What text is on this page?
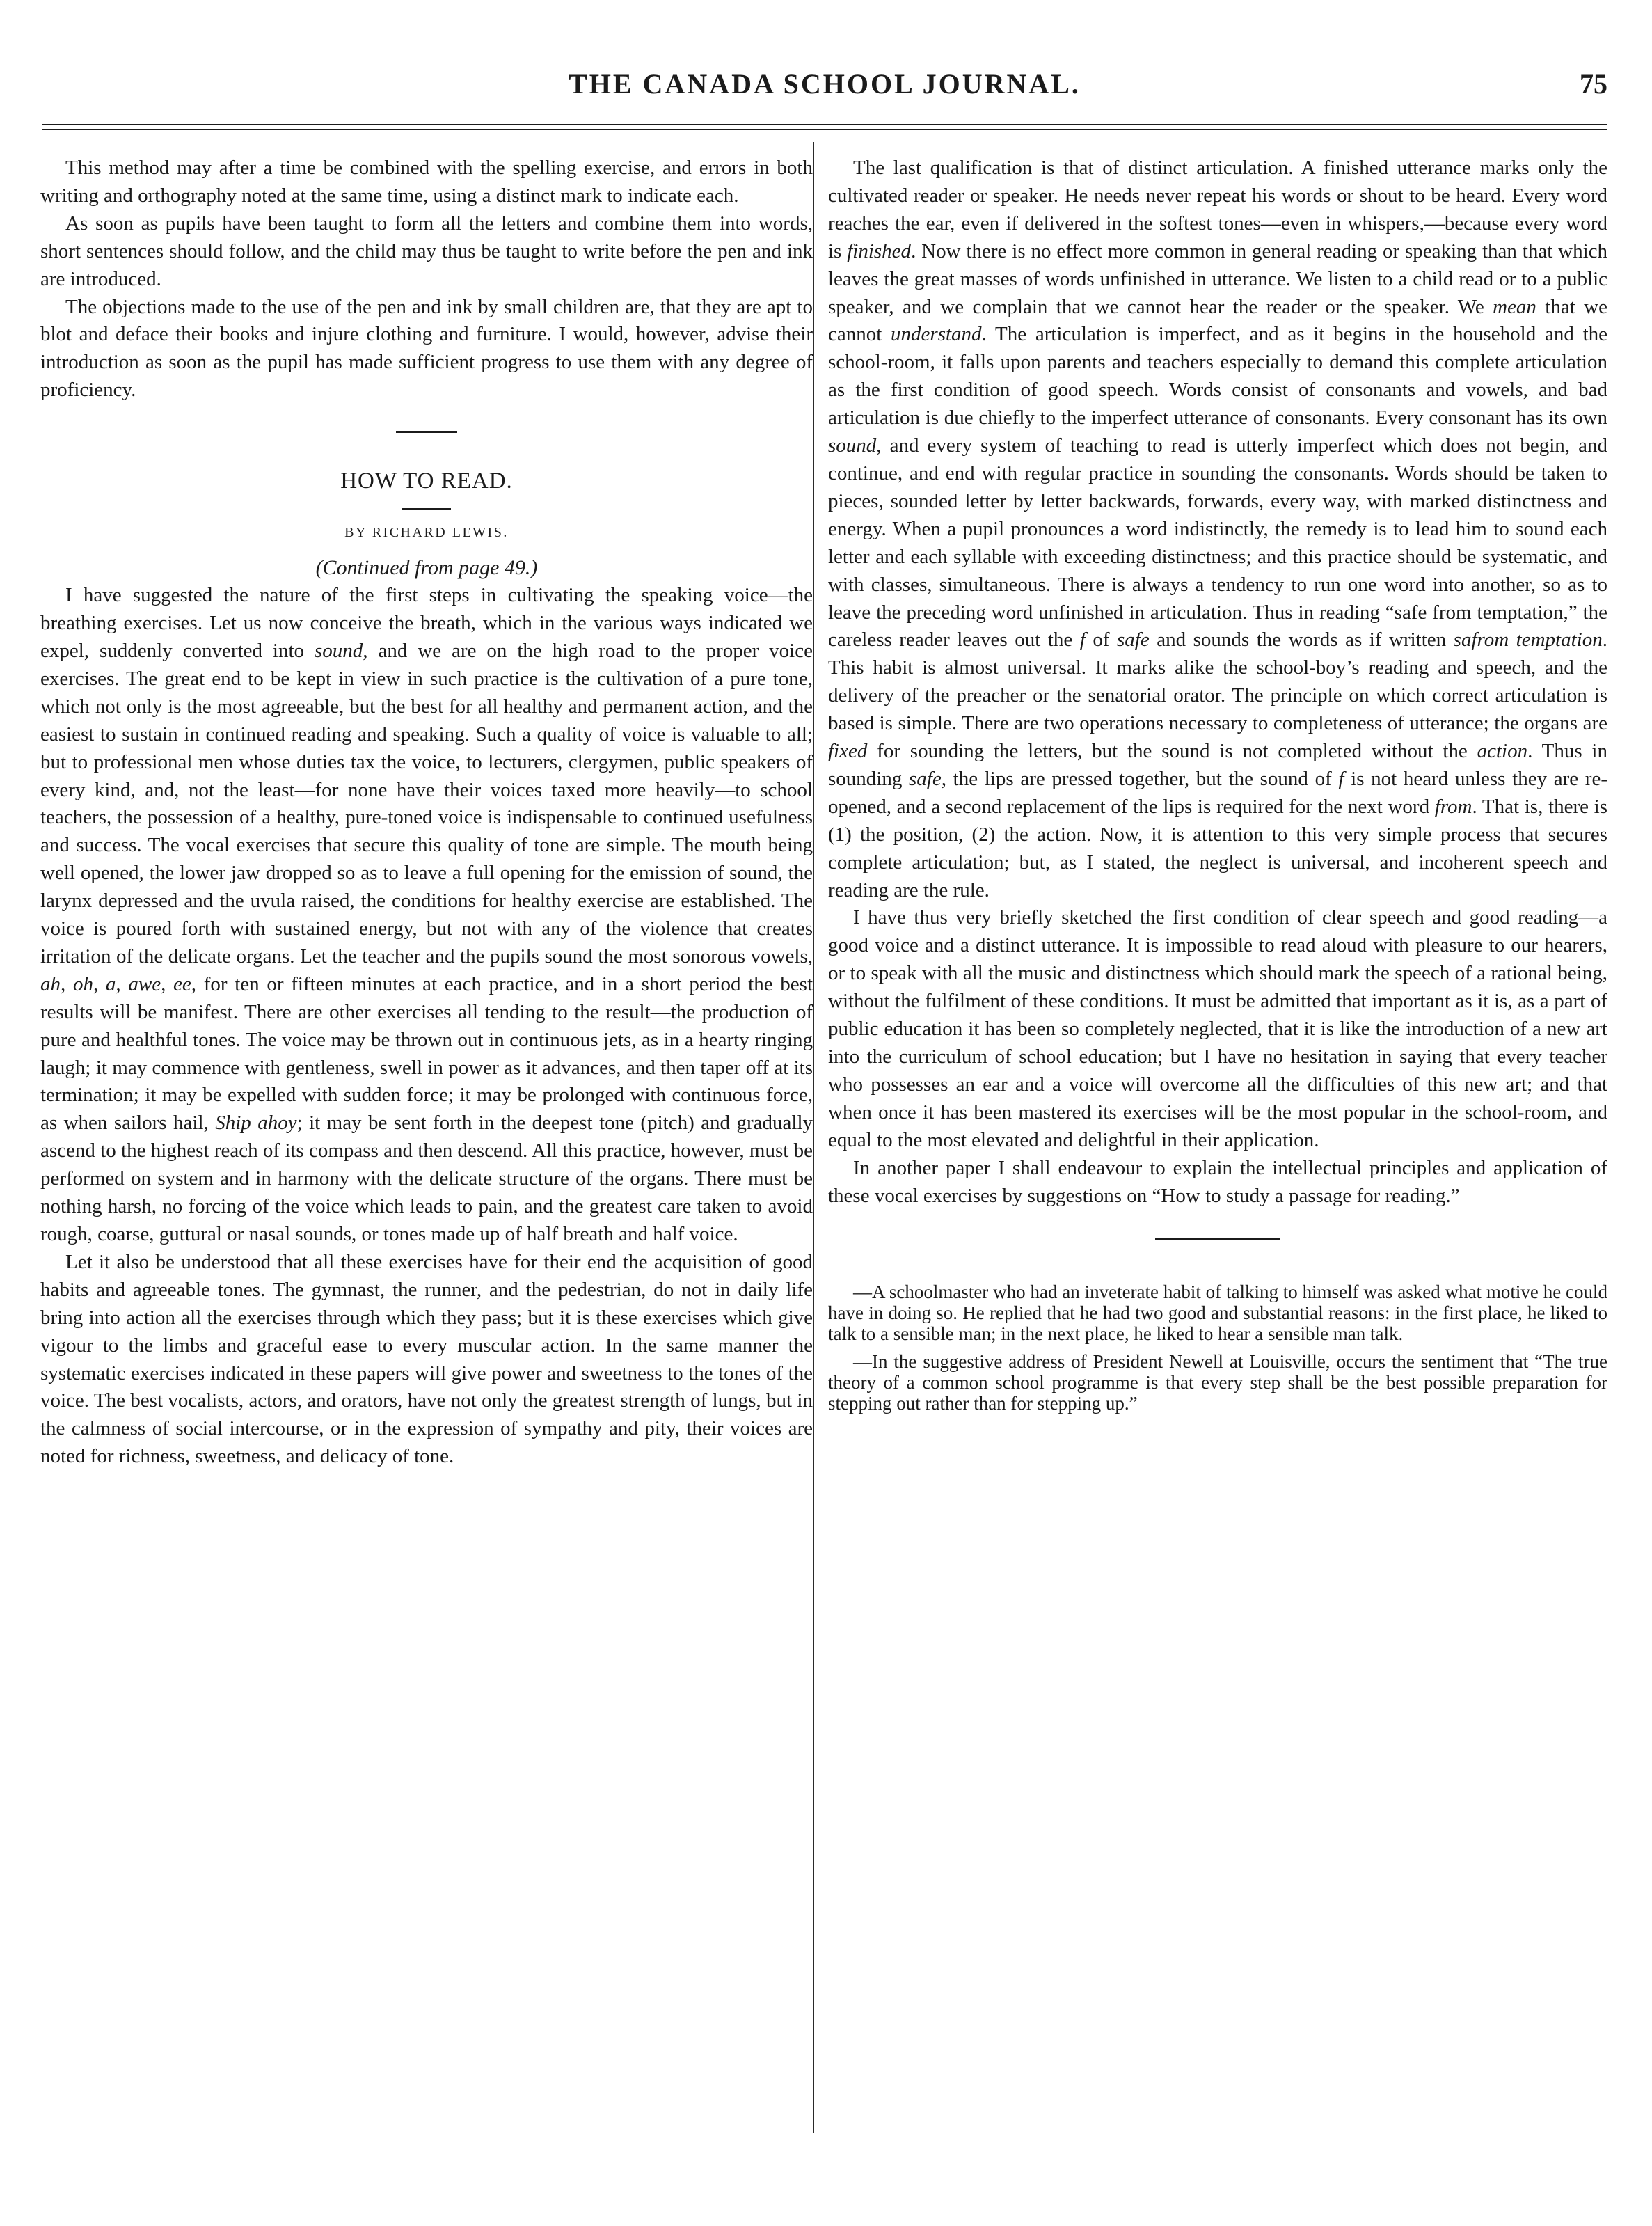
THE CANADA SCHOOL JOURNAL.	75

This method may after a time be combined with the spelling exercise, and errors in both writing and orthography noted at the same time, using a distinct mark to indicate each.

As soon as pupils have been taught to form all the letters and combine them into words, short sentences should follow, and the child may thus be taught to write before the pen and ink are introduced.

The objections made to the use of the pen and ink by small children are, that they are apt to blot and deface their books and injure clothing and furniture. I would, however, advise their introduction as soon as the pupil has made sufficient progress to use them with any degree of proficiency.

HOW TO READ.
BY RICHARD LEWIS.
(Continued from page 49.)

I have suggested the nature of the first steps in cultivating the speaking voice—the breathing exercises. Let us now conceive the breath, which in the various ways indicated we expel, suddenly converted into sound, and we are on the high road to the proper voice exercises. The great end to be kept in view in such practice is the cultivation of a pure tone, which not only is the most agreeable, but the best for all healthy and permanent action, and the easiest to sustain in continued reading and speaking. Such a quality of voice is valuable to all; but to professional men whose duties tax the voice, to lecturers, clergymen, public speakers of every kind, and, not the least—for none have their voices taxed more heavily—to school teachers, the possession of a healthy, pure-toned voice is indispensable to continued usefulness and success. The vocal exercises that secure this quality of tone are simple. The mouth being well opened, the lower jaw dropped so as to leave a full opening for the emission of sound, the larynx depressed and the uvula raised, the conditions for healthy exercise are established. The voice is poured forth with sustained energy, but not with any of the violence that creates irritation of the delicate organs. Let the teacher and the pupils sound the most sonorous vowels, ah, oh, a, awe, ee, for ten or fifteen minutes at each practice, and in a short period the best results will be manifest. There are other exercises all tending to the result—the production of pure and healthful tones. The voice may be thrown out in continuous jets, as in a hearty ringing laugh; it may commence with gentleness, swell in power as it advances, and then taper off at its termination; it may be expelled with sudden force; it may be prolonged with continuous force, as when sailors hail, Ship ahoy; it may be sent forth in the deepest tone (pitch) and gradually ascend to the highest reach of its compass and then descend. All this practice, however, must be performed on system and in harmony with the delicate structure of the organs. There must be nothing harsh, no forcing of the voice which leads to pain, and the greatest care taken to avoid rough, coarse, guttural or nasal sounds, or tones made up of half breath and half voice.

Let it also be understood that all these exercises have for their end the acquisition of good habits and agreeable tones. The gymnast, the runner, and the pedestrian, do not in daily life bring into action all the exercises through which they pass; but it is these exercises which give vigour to the limbs and graceful ease to every muscular action. In the same manner the systematic exercises indicated in these papers will give power and sweetness to the tones of the voice. The best vocalists, actors, and orators, have not only the greatest strength of lungs, but in the calmness of social intercourse, or in the expression of sympathy and pity, their voices are noted for richness, sweetness, and delicacy of tone.

The last qualification is that of distinct articulation. A finished utterance marks only the cultivated reader or speaker. He needs never repeat his words or shout to be heard. Every word reaches the ear, even if delivered in the softest tones—even in whispers,—because every word is finished. Now there is no effect more common in general reading or speaking than that which leaves the great masses of words unfinished in utterance. We listen to a child read or to a public speaker, and we complain that we cannot hear the reader or the speaker. We mean that we cannot understand. The articulation is imperfect, and as it begins in the household and the school-room, it falls upon parents and teachers especially to demand this complete articulation as the first condition of good speech. Words consist of consonants and vowels, and bad articulation is due chiefly to the imperfect utterance of consonants. Every consonant has its own sound, and every system of teaching to read is utterly imperfect which does not begin, and continue, and end with regular practice in sounding the consonants. Words should be taken to pieces, sounded letter by letter backwards, forwards, every way, with marked distinctness and energy. When a pupil pronounces a word indistinctly, the remedy is to lead him to sound each letter and each syllable with exceeding distinctness; and this practice should be systematic, and with classes, simultaneous. There is always a tendency to run one word into another, so as to leave the preceding word unfinished in articulation. Thus in reading “safe from temptation,” the careless reader leaves out the f of safe and sounds the words as if written safrom temptation. This habit is almost universal. It marks alike the school-boy’s reading and speech, and the delivery of the preacher or the senatorial orator. The principle on which correct articulation is based is simple. There are two operations necessary to completeness of utterance; the organs are fixed for sounding the letters, but the sound is not completed without the action. Thus in sounding safe, the lips are pressed together, but the sound of f is not heard unless they are re-opened, and a second replacement of the lips is required for the next word from. That is, there is (1) the position, (2) the action. Now, it is attention to this very simple process that secures complete articulation; but, as I stated, the neglect is universal, and incoherent speech and reading are the rule.

I have thus very briefly sketched the first condition of clear speech and good reading—a good voice and a distinct utterance. It is impossible to read aloud with pleasure to our hearers, or to speak with all the music and distinctness which should mark the speech of a rational being, without the fulfilment of these conditions. It must be admitted that important as it is, as a part of public education it has been so completely neglected, that it is like the introduction of a new art into the curriculum of school education; but I have no hesitation in saying that every teacher who possesses an ear and a voice will overcome all the difficulties of this new art; and that when once it has been mastered its exercises will be the most popular in the school-room, and equal to the most elevated and delightful in their application.

In another paper I shall endeavour to explain the intellectual principles and application of these vocal exercises by suggestions on “How to study a passage for reading.”

—A schoolmaster who had an inveterate habit of talking to himself was asked what motive he could have in doing so. He replied that he had two good and substantial reasons: in the first place, he liked to talk to a sensible man; in the next place, he liked to hear a sensible man talk.

—In the suggestive address of President Newell at Louisville, occurs the sentiment that “The true theory of a common school programme is that every step shall be the best possible preparation for stepping out rather than for stepping up.”
